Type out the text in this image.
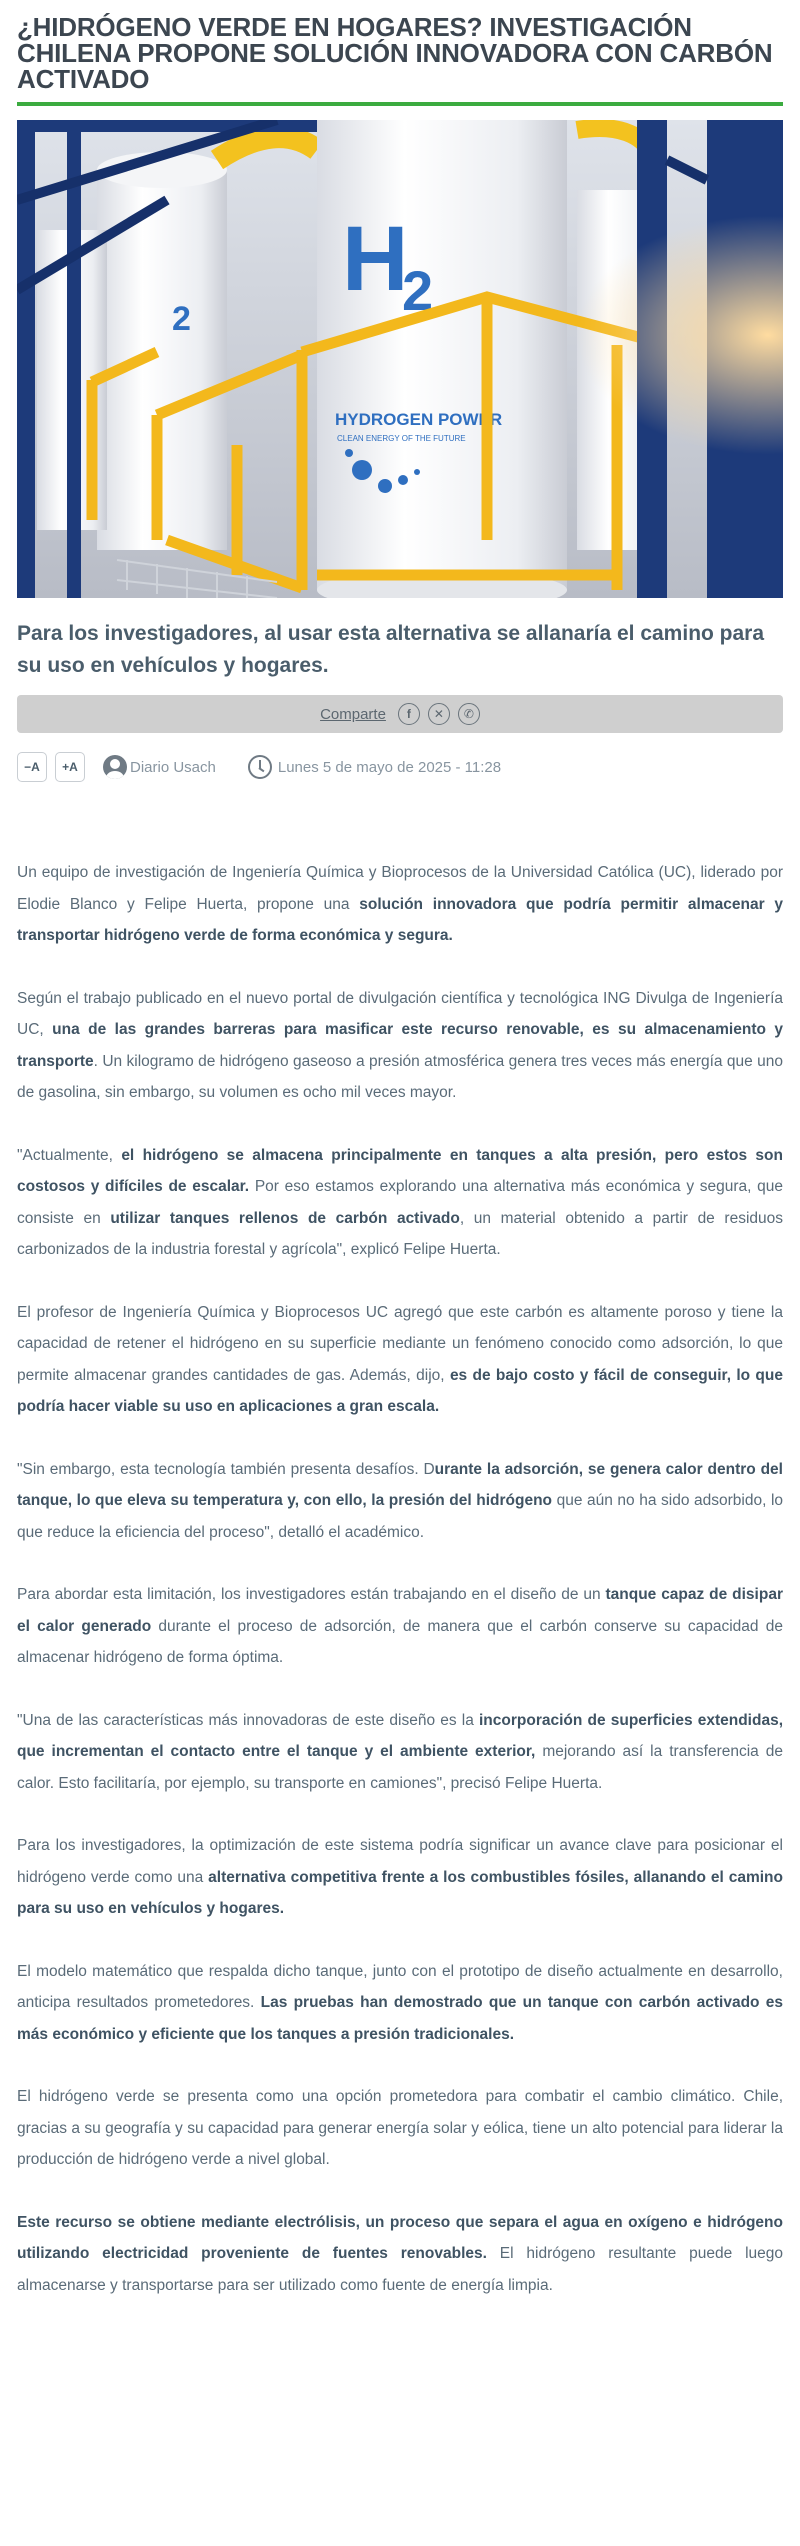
¿HIDRÓGENO VERDE EN HOGARES? INVESTIGACIÓN CHILENA PROPONE SOLUCIÓN INNOVADORA CON CARBÓN ACTIVADO
Para los investigadores, al usar esta alternativa se allanaría el camino para su uso en vehículos y hogares.
Comparte	f	✕	✆
−A	+A	Diario Usach	Lunes 5 de mayo de 2025 - 11:28

Un equipo de investigación de Ingeniería Química y Bioprocesos de la Universidad Católica (UC), liderado por Elodie Blanco y Felipe Huerta, propone una solución innovadora que podría permitir almacenar y transportar hidrógeno verde de forma económica y segura.

Según el trabajo publicado en el nuevo portal de divulgación científica y tecnológica ING Divulga de Ingeniería UC, una de las grandes barreras para masificar este recurso renovable, es su almacenamiento y transporte. Un kilogramo de hidrógeno gaseoso a presión atmosférica genera tres veces más energía que uno de gasolina, sin embargo, su volumen es ocho mil veces mayor.

"Actualmente, el hidrógeno se almacena principalmente en tanques a alta presión, pero estos son costosos y difíciles de escalar. Por eso estamos explorando una alternativa más económica y segura, que consiste en utilizar tanques rellenos de carbón activado, un material obtenido a partir de residuos carbonizados de la industria forestal y agrícola", explicó Felipe Huerta.

El profesor de Ingeniería Química y Bioprocesos UC agregó que este carbón es altamente poroso y tiene la capacidad de retener el hidrógeno en su superficie mediante un fenómeno conocido como adsorción, lo que permite almacenar grandes cantidades de gas. Además, dijo, es de bajo costo y fácil de conseguir, lo que podría hacer viable su uso en aplicaciones a gran escala.

"Sin embargo, esta tecnología también presenta desafíos. Durante la adsorción, se genera calor dentro del tanque, lo que eleva su temperatura y, con ello, la presión del hidrógeno que aún no ha sido adsorbido, lo que reduce la eficiencia del proceso", detalló el académico.

Para abordar esta limitación, los investigadores están trabajando en el diseño de un tanque capaz de disipar el calor generado durante el proceso de adsorción, de manera que el carbón conserve su capacidad de almacenar hidrógeno de forma óptima.

"Una de las características más innovadoras de este diseño es la incorporación de superficies extendidas, que incrementan el contacto entre el tanque y el ambiente exterior, mejorando así la transferencia de calor. Esto facilitaría, por ejemplo, su transporte en camiones", precisó Felipe Huerta.

Para los investigadores, la optimización de este sistema podría significar un avance clave para posicionar el hidrógeno verde como una alternativa competitiva frente a los combustibles fósiles, allanando el camino para su uso en vehículos y hogares.

El modelo matemático que respalda dicho tanque, junto con el prototipo de diseño actualmente en desarrollo, anticipa resultados prometedores. Las pruebas han demostrado que un tanque con carbón activado es más económico y eficiente que los tanques a presión tradicionales.

El hidrógeno verde se presenta como una opción prometedora para combatir el cambio climático. Chile, gracias a su geografía y su capacidad para generar energía solar y eólica, tiene un alto potencial para liderar la producción de hidrógeno verde a nivel global.

Este recurso se obtiene mediante electrólisis, un proceso que separa el agua en oxígeno e hidrógeno utilizando electricidad proveniente de fuentes renovables. El hidrógeno resultante puede luego almacenarse y transportarse para ser utilizado como fuente de energía limpia.
